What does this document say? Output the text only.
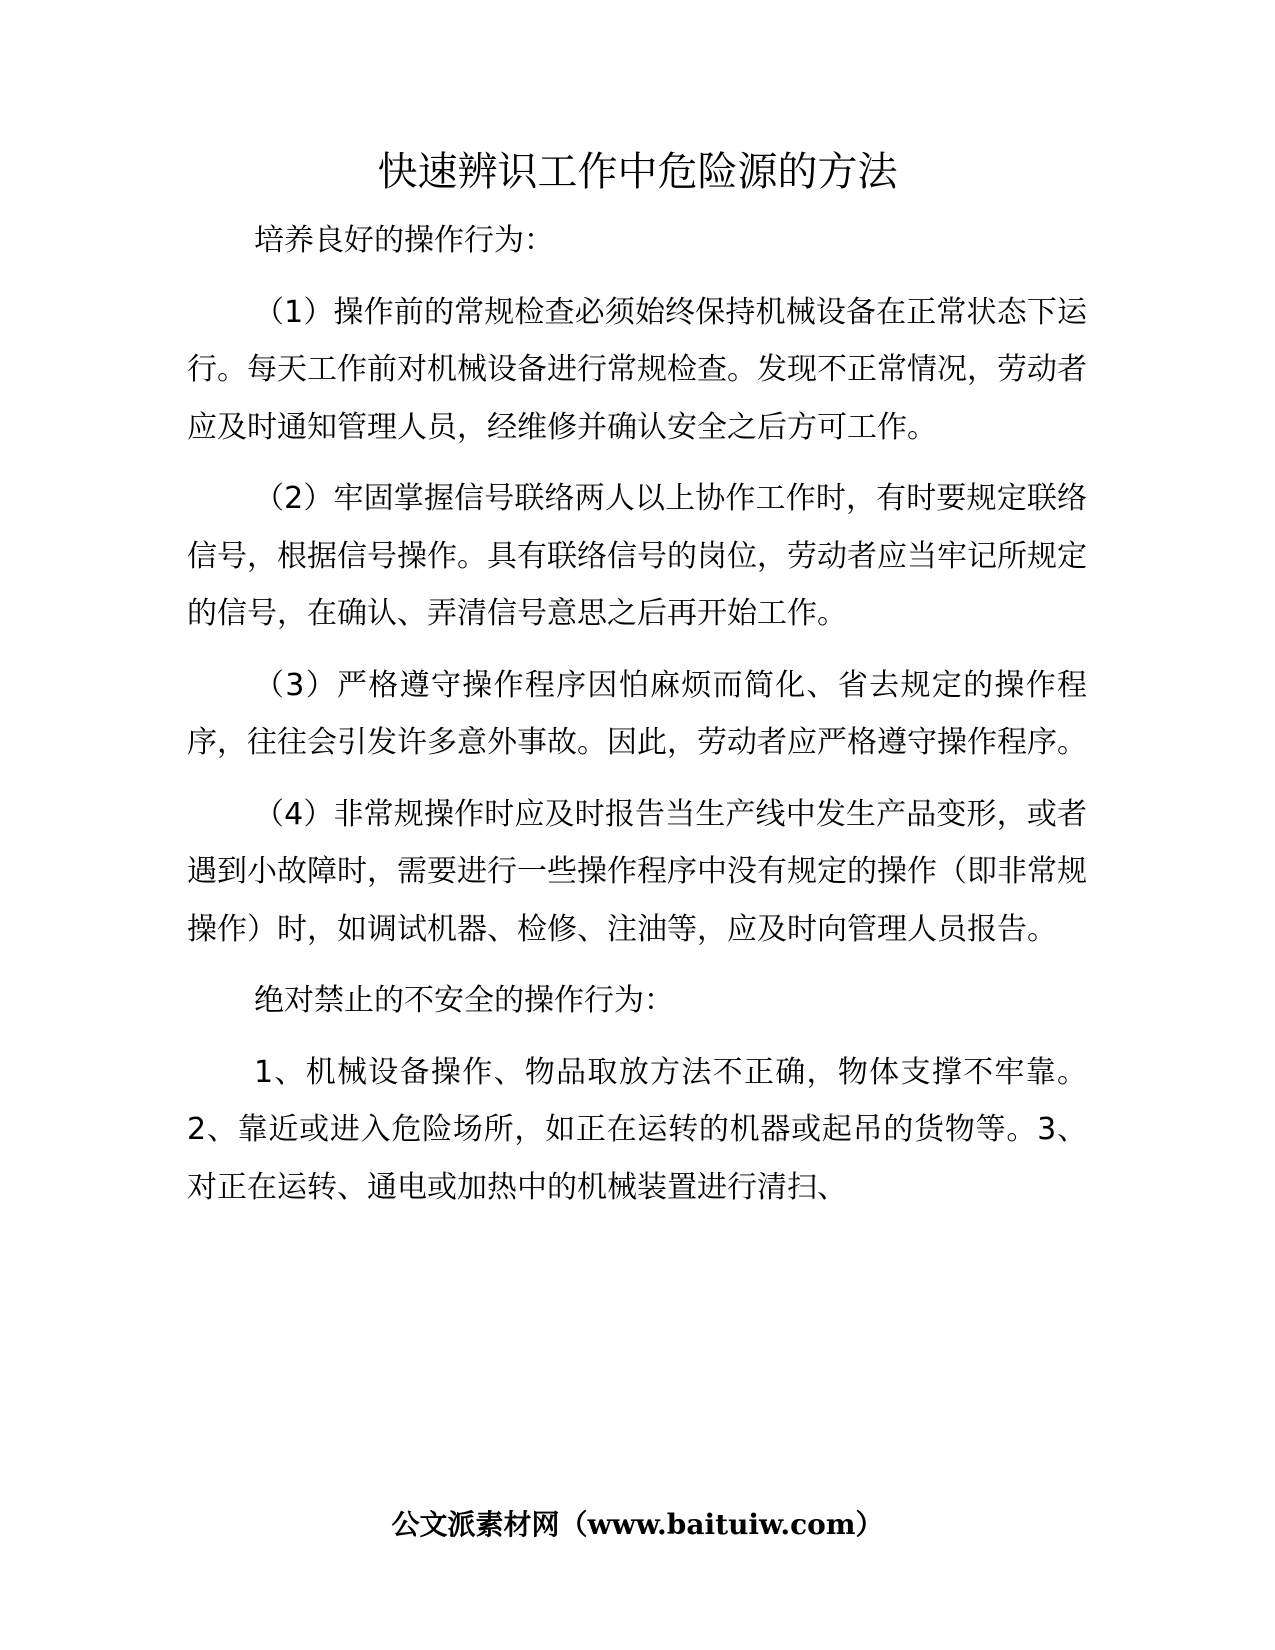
快速辨识工作中危险源的方法

培养良好的操作行为：

（1）操作前的常规检查必须始终保持机械设备在正常状态下运行。每天工作前对机械设备进行常规检查。发现不正常情况，劳动者应及时通知管理人员，经维修并确认安全之后方可工作。

（2）牢固掌握信号联络两人以上协作工作时，有时要规定联络信号，根据信号操作。具有联络信号的岗位，劳动者应当牢记所规定的信号，在确认、弄清信号意思之后再开始工作。

（3）严格遵守操作程序因怕麻烦而简化、省去规定的操作程序，往往会引发许多意外事故。因此，劳动者应严格遵守操作程序。

（4）非常规操作时应及时报告当生产线中发生产品变形，或者遇到小故障时，需要进行一些操作程序中没有规定的操作（即非常规操作）时，如调试机器、检修、注油等，应及时向管理人员报告。

绝对禁止的不安全的操作行为：

1、机械设备操作、物品取放方法不正确，物体支撑不牢靠。2、靠近或进入危险场所，如正在运转的机器或起吊的货物等。3、对正在运转、通电或加热中的机械装置进行清扫、

公文派素材网（www.baituiw.com）
